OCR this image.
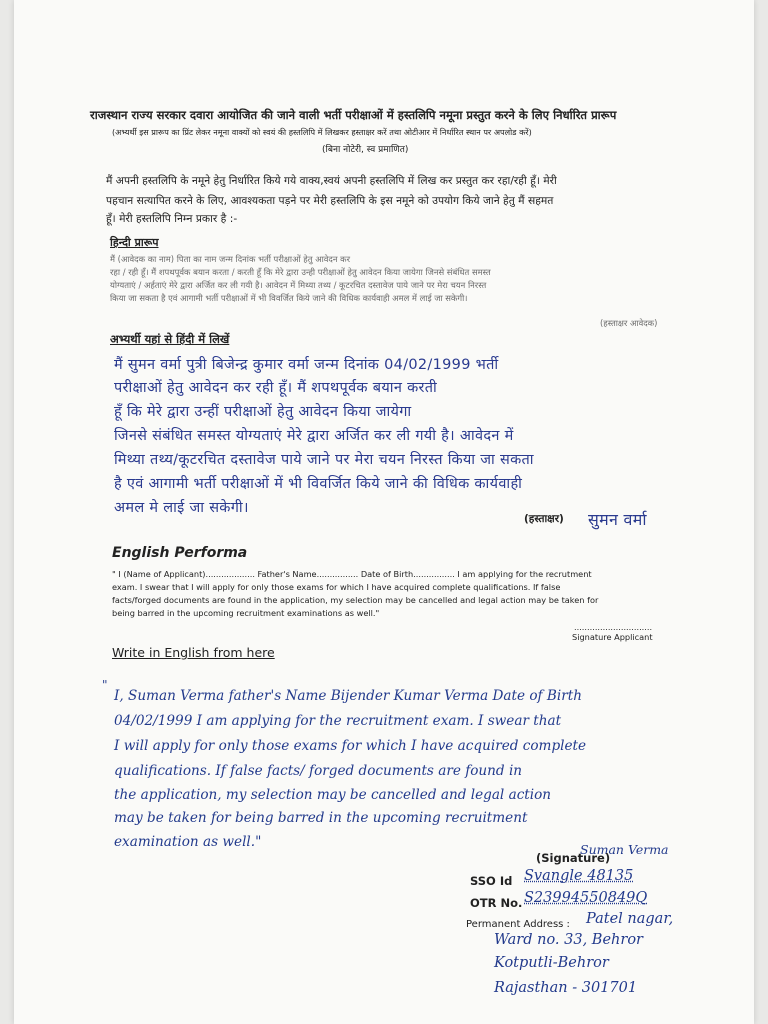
राजस्थान राज्य सरकार दवारा आयोजित की जाने वाली भर्ती परीक्षाओं में हस्तलिपि नमूना प्रस्तुत करने के लिए निर्धारित प्रारूप
(अभ्यर्थी इस प्रारूप का प्रिंट लेकर नमूना वाक्यों को स्वयं की हस्तलिपि में लिखकर हस्ताक्षर करें तथा ओटीआर में निर्धारित स्थान पर अपलोड करें)
(बिना नोटेरी, स्व प्रमाणित)
मैं अपनी हस्तलिपि के नमूने हेतु निर्धारित किये गये वाक्य,स्वयं अपनी हस्तलिपि में लिख कर प्रस्तुत कर रहा/रही हूँ। मेरी
पहचान सत्यापित करने के लिए, आवश्यकता पड़ने पर मेरी हस्तलिपि के इस नमूने को उपयोग किये जाने हेतु मैं सहमत
हूँ। मेरी हस्तलिपि निम्न प्रकार है :-
हिन्दी प्रारूप
मैं (आवेदक का नाम) पिता का नाम जन्म दिनांक भर्ती परीक्षाओं हेतु आवेदन कर
रहा / रही हूँ। मैं शपथपूर्वक बयान करता / करती हूँ कि मेरे द्वारा उन्ही परीक्षाओं हेतु आवेदन किया जायेगा जिनसे संबंधित समस्त
योग्यताएं / अर्हताएं मेरे द्वारा अर्जित कर ली गयी है। आवेदन में मिथ्या तथ्य / कूटरचित दस्तावेज पाये जाने पर मेरा चयन निरस्त
किया जा सकता है एवं आगामी भर्ती परीक्षाओं में भी विवर्जित किये जाने की विधिक कार्यवाही अमल में लाई जा सकेगी।
(हस्ताक्षर आवेदक)
अभ्यर्थी यहां से हिंदी में लिखें
मैं सुमन वर्मा पुत्री बिजेन्द्र कुमार वर्मा जन्म दिनांक 04/02/1999 भर्ती
परीक्षाओं हेतु आवेदन कर रही हूँ। मैं शपथपूर्वक बयान करती
हूँ कि मेरे द्वारा उन्हीं परीक्षाओं हेतु आवेदन किया जायेगा
जिनसे संबंधित समस्त योग्यताएं मेरे द्वारा अर्जित कर ली गयी है। आवेदन में
मिथ्या तथ्य/कूटरचित दस्तावेज पाये जाने पर मेरा चयन निरस्त किया जा सकता
है एवं आगामी भर्ती परीक्षाओं में भी विवर्जित किये जाने की विधिक कार्यवाही
अमल मे लाई जा सकेगी।
(हस्ताक्षर) सुमन वर्मा
English Performa
" I (Name of Applicant)................... Father's Name................ Date of Birth................ I am applying for the recrutment
exam. I swear that I will apply for only those exams for which I have acquired complete qualifications. If false
facts/forged documents are found in the application, my selection may be cancelled and legal action may be taken for
being barred in the upcoming recruitment examinations as well."
..............................
Signature Applicant
Write in English from here
"
I, Suman Verma father's Name Bijender Kumar Verma Date of Birth
04/02/1999 I am applying for the recruitment exam. I swear that
I will apply for only those exams for which I have acquired complete
qualifications. If false facts/ forged documents are found in
the application, my selection may be cancelled and legal action
may be taken for being barred in the upcoming recruitment
examination as well."	Suman Verma
(Signature)
SSO Id Svangle 48135
OTR No. S23994550849Q
Permanent Address : Patel nagar,
Ward no. 33, Behror
Kotputli-Behror
Rajasthan - 301701
